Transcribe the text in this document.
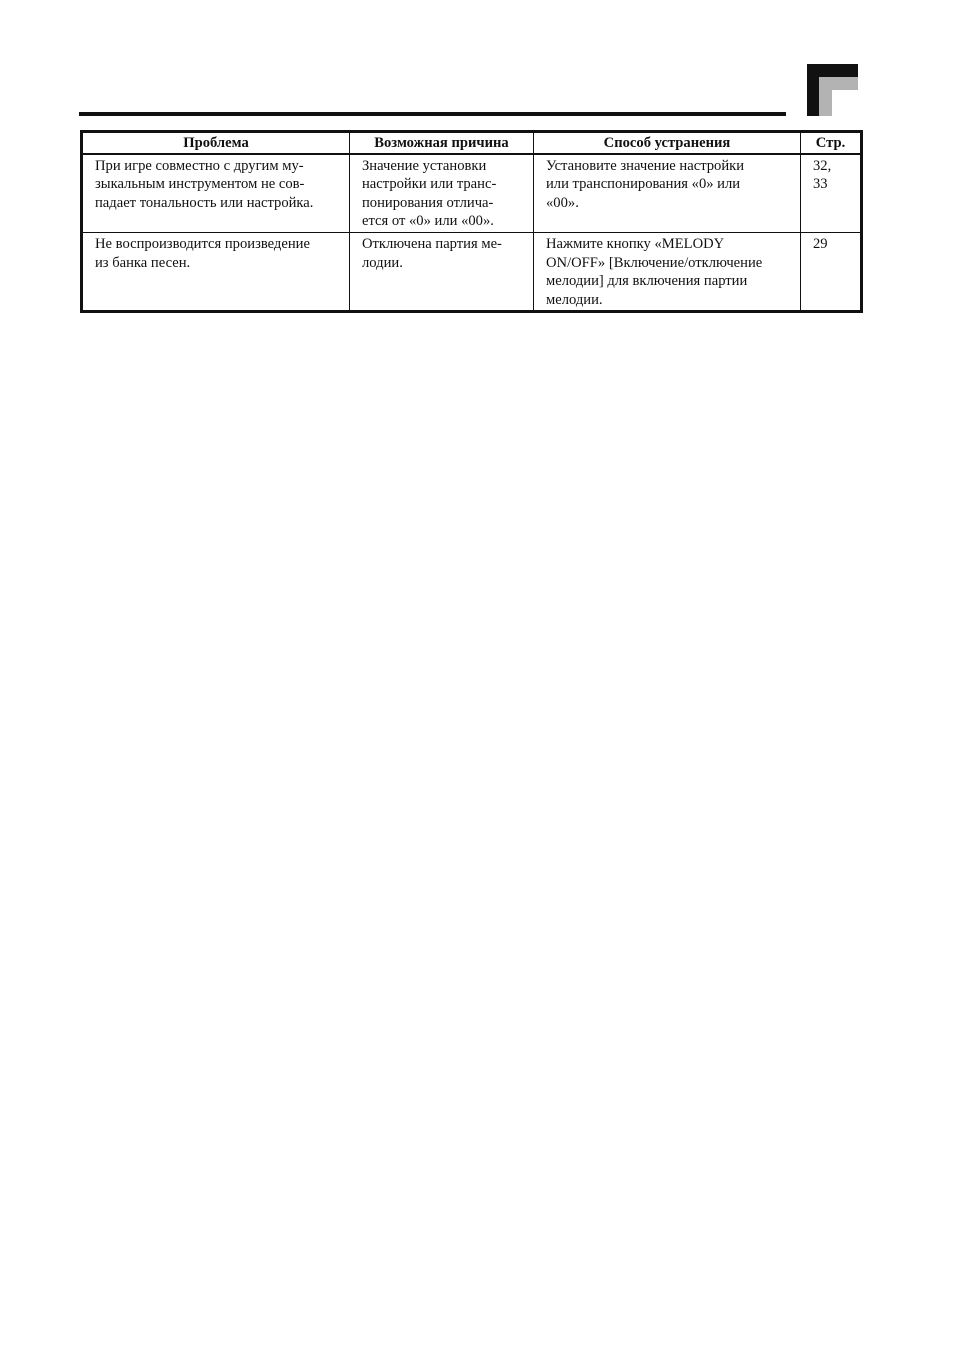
Проблема	Возможная причина	Способ устранения	Стр.
При игре совместно с другим му-
зыкальным инструментом не сов-
падает тональность или настройка.	Значение установки
настройки или транс-
понирования отлича-
ется от «0» или «00».	Установите значение настройки
или транспонирования «0» или
«00».	32,
33
Не воспроизводится произведение
из банка песен.	Отключена партия ме-
лодии.	Нажмите кнопку «MELODY
ON/OFF» [Включение/отключение
мелодии] для включения партии
мелодии.	29
